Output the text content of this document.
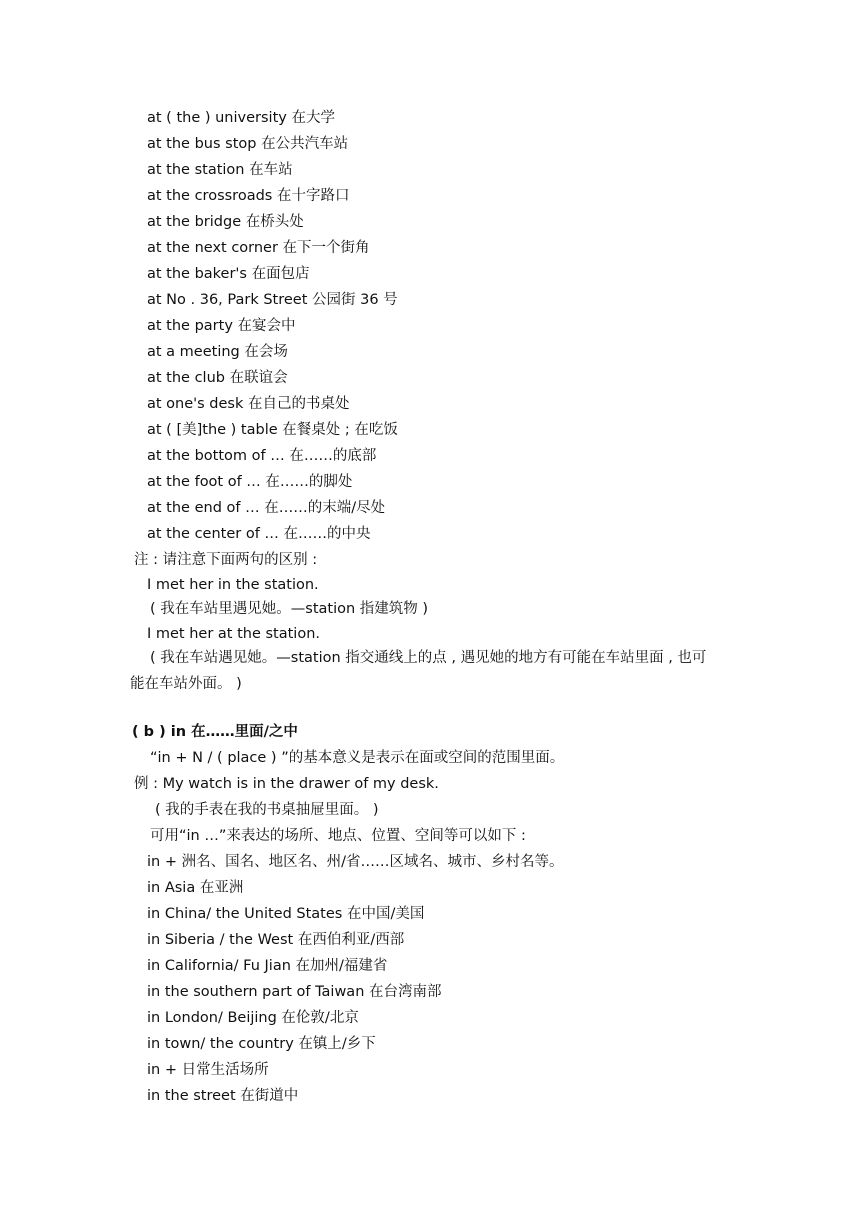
at ( the ) university 在大学
at the bus stop 在公共汽车站
at the station 在车站
at the crossroads 在十字路口
at the bridge 在桥头处
at the next corner 在下一个街角
at the baker's 在面包店
at No . 36, Park Street 公园街 36 号
at the party 在宴会中
at a meeting 在会场
at the club 在联谊会
at one's desk 在自己的书桌处
at ( [美]the ) table 在餐桌处 ; 在吃饭
at the bottom of … 在……的底部
at the foot of … 在……的脚处
at the end of … 在……的末端/尽处
at the center of … 在……的中央
注 : 请注意下面两句的区别 :
I met her in the station.
( 我在车站里遇见她。—station 指建筑物 )
I met her at the station.
( 我在车站遇见她。—station 指交通线上的点 , 遇见她的地方有可能在车站里面 , 也可
能在车站外面。 )
( b ) in 在……里面/之中
“in + N / ( place ) ”的基本意义是表示在面或空间的范围里面。
例 : My watch is in the drawer of my desk.
( 我的手表在我的书桌抽屉里面。 )
可用“in …”来表达的场所、地点、位置、空间等可以如下 :
in + 洲名、国名、地区名、州/省……区域名、城市、乡村名等。
in Asia 在亚洲
in China/ the United States 在中国/美国
in Siberia / the West 在西伯利亚/西部
in California/ Fu Jian 在加州/福建省
in the southern part of Taiwan 在台湾南部
in London/ Beijing 在伦敦/北京
in town/ the country 在镇上/乡下
in + 日常生活场所
in the street 在街道中
